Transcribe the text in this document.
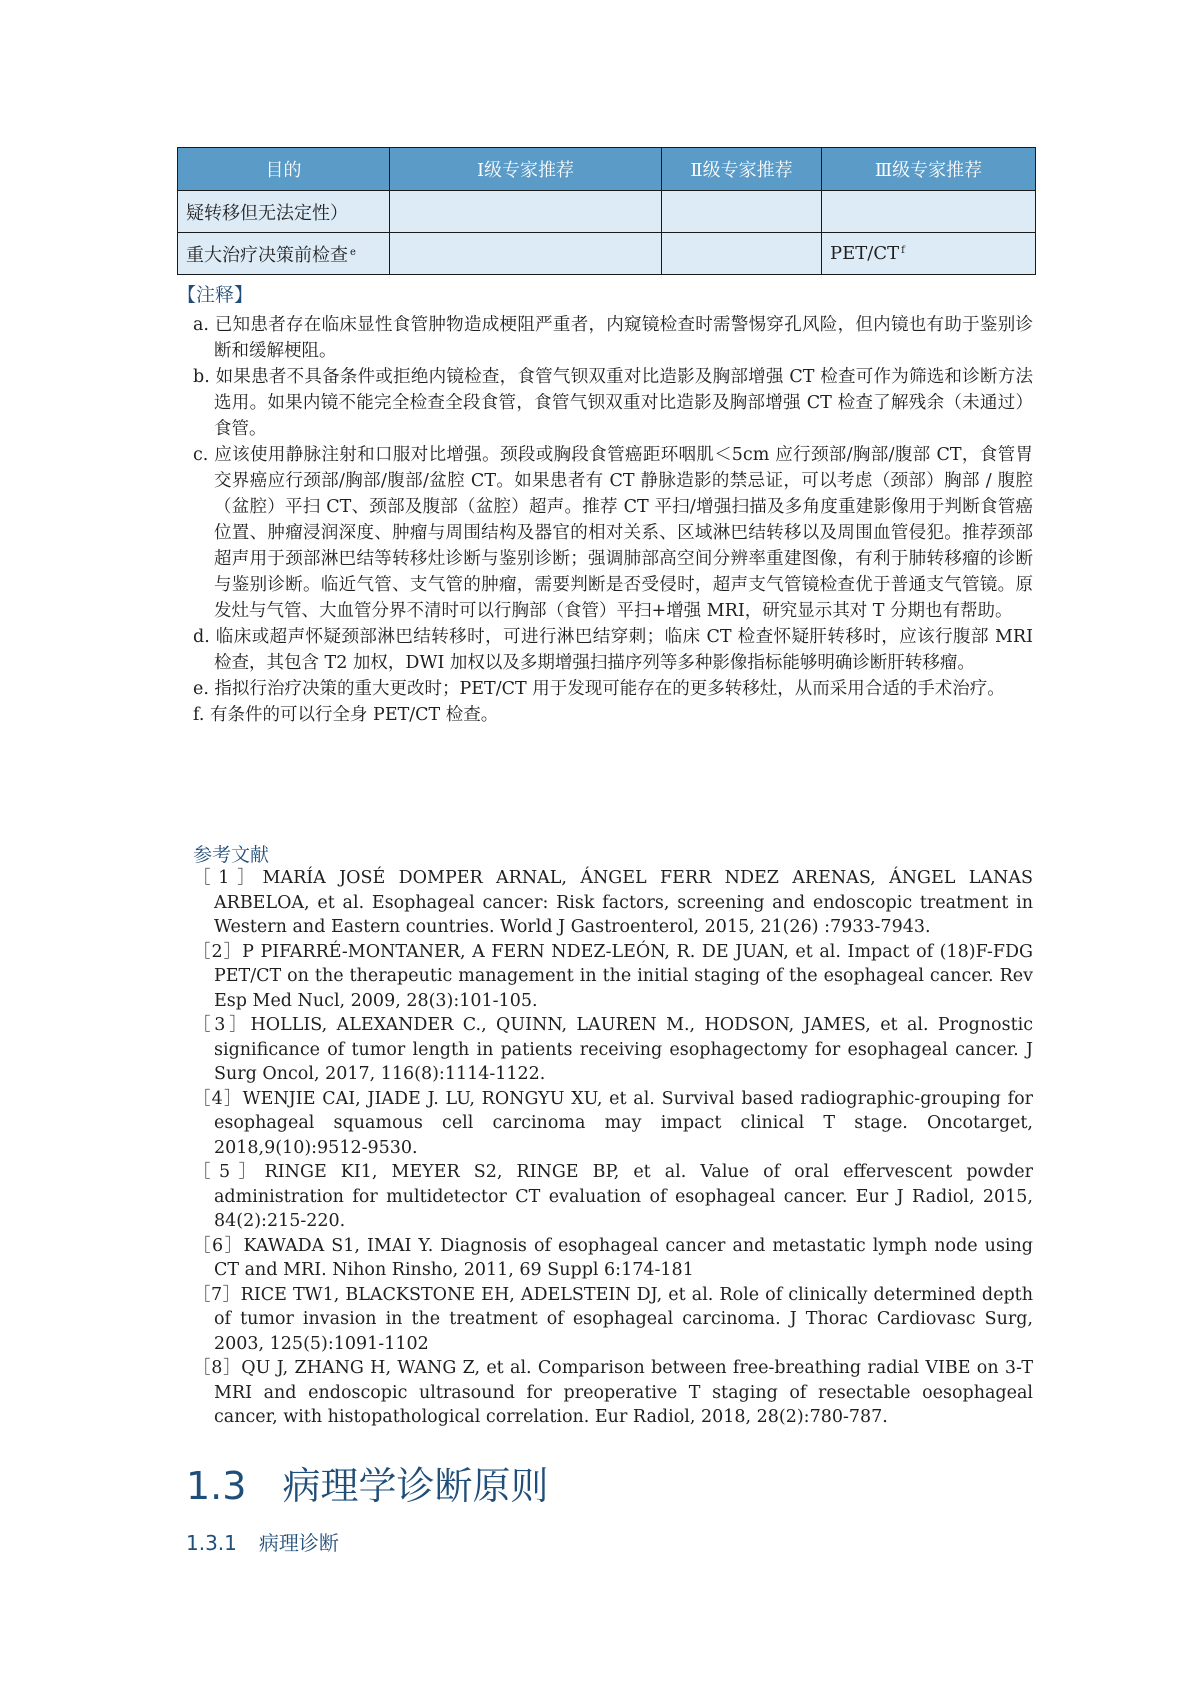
目的	Ⅰ级专家推荐	Ⅱ级专家推荐	Ⅲ级专家推荐
疑转移但无法定性）			
重大治疗决策前检查 $^e$			PET/CT $^f$
【注释】
a. 已知患者存在临床显性食管肿物造成梗阻严重者，内窥镜检查时需警惕穿孔风险，但内镜也有助于鉴别诊断和缓解梗阻。
b. 如果患者不具备条件或拒绝内镜检查，食管气钡双重对比造影及胸部增强 CT 检查可作为筛选和诊断方法选用。如果内镜不能完全检查全段食管，食管气钡双重对比造影及胸部增强 CT 检查了解残余（未通过）食管。
c. 应该使用静脉注射和口服对比增强。颈段或胸段食管癌距环咽肌＜5cm 应行颈部/胸部/腹部 CT，食管胃交界癌应行颈部/胸部/腹部/盆腔 CT。如果患者有 CT 静脉造影的禁忌证，可以考虑（颈部）胸部 / 腹腔（盆腔）平扫 CT、颈部及腹部（盆腔）超声。推荐 CT 平扫/增强扫描及多角度重建影像用于判断食管癌位置、肿瘤浸润深度、肿瘤与周围结构及器官的相对关系、区域淋巴结转移以及周围血管侵犯。推荐颈部超声用于颈部淋巴结等转移灶诊断与鉴别诊断；强调肺部高空间分辨率重建图像，有利于肺转移瘤的诊断与鉴别诊断。临近气管、支气管的肿瘤，需要判断是否受侵时，超声支气管镜检查优于普通支气管镜。原发灶与气管、大血管分界不清时可以行胸部（食管）平扫+增强 MRI，研究显示其对 T 分期也有帮助。
d. 临床或超声怀疑颈部淋巴结转移时，可进行淋巴结穿刺；临床 CT 检查怀疑肝转移时，应该行腹部 MRI 检查，其包含 T2 加权，DWI 加权以及多期增强扫描序列等多种影像指标能够明确诊断肝转移瘤。
e. 指拟行治疗决策的重大更改时；PET/CT 用于发现可能存在的更多转移灶，从而采用合适的手术治疗。
f. 有条件的可以行全身 PET/CT 检查。
参考文献
［1］MARÍA JOSÉ DOMPER ARNAL, ÁNGEL FERR NDEZ ARENAS, ÁNGEL LANAS ARBELOA, et al. Esophageal cancer: Risk factors, screening and endoscopic treatment in Western and Eastern countries. World J Gastroenterol, 2015, 21(26) :7933-7943.
［2］P PIFARRÉ-MONTANER, A FERN NDEZ-LEÓN, R. DE JUAN, et al. Impact of (18)F-FDG PET/CT on the therapeutic management in the initial staging of the esophageal cancer. Rev Esp Med Nucl, 2009, 28(3):101-105.
［3］HOLLIS, ALEXANDER C., QUINN, LAUREN M., HODSON, JAMES, et al. Prognostic significance of tumor length in patients receiving esophagectomy for esophageal cancer. J Surg Oncol, 2017, 116(8):1114-1122.
［4］WENJIE CAI, JIADE J. LU, RONGYU XU, et al. Survival based radiographic-grouping for esophageal squamous cell carcinoma may impact clinical T stage. Oncotarget, 2018,9(10):9512-9530.
［5］RINGE KI1, MEYER S2, RINGE BP, et al. Value of oral effervescent powder administration for multidetector CT evaluation of esophageal cancer. Eur J Radiol, 2015, 84(2):215-220.
［6］KAWADA S1, IMAI Y. Diagnosis of esophageal cancer and metastatic lymph node using CT and MRI. Nihon Rinsho, 2011, 69 Suppl 6:174-181
［7］RICE TW1, BLACKSTONE EH, ADELSTEIN DJ, et al. Role of clinically determined depth of tumor invasion in the treatment of esophageal carcinoma. J Thorac Cardiovasc Surg, 2003, 125(5):1091-1102
［8］QU J, ZHANG H, WANG Z, et al. Comparison between free-breathing radial VIBE on 3-T MRI and endoscopic ultrasound for preoperative T staging of resectable oesophageal cancer, with histopathological correlation. Eur Radiol, 2018, 28(2):780-787.
1.3 病理学诊断原则
1.3.1 病理诊断
